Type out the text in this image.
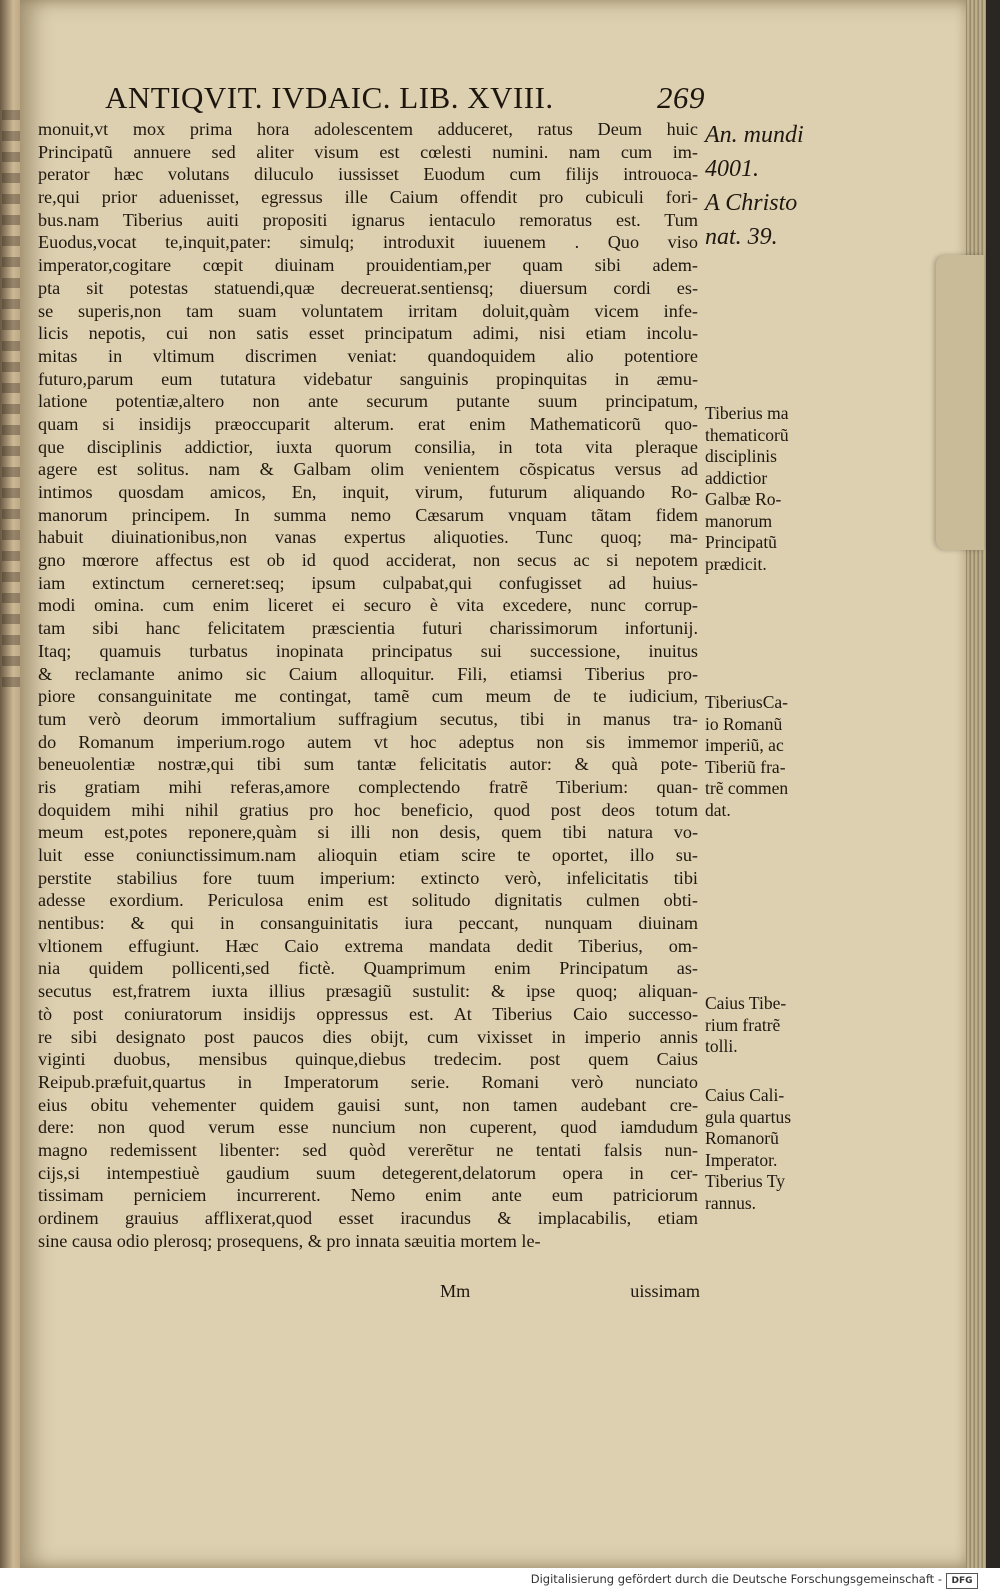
ANTIQVIT. IVDAIC. LIB. XVIII.	269
An. mundi
4001.
A Christo
nat. 39.
monuit,vt mox prima hora adolescentem adduceret, ratus Deum huic
Principatũ annuere sed aliter visum est cœlesti numini. nam cum im-
perator hæc volutans diluculo iussisset Euodum cum filijs introuoca-
re,qui prior aduenisset, egressus ille Caium offendit pro cubiculi fori-
bus.nam Tiberius auiti propositi ignarus ientaculo remoratus est. Tum
Euodus,vocat te,inquit,pater: simulq; introduxit iuuenem . Quo viso
imperator,cogitare cœpit diuinam prouidentiam,per quam sibi adem-
pta sit potestas statuendi,quæ decreuerat.sentiensq; diuersum cordi es-
se superis,non tam suam voluntatem irritam doluit,quàm vicem infe-
licis nepotis, cui non satis esset principatum adimi, nisi etiam incolu-
mitas in vltimum discrimen veniat: quandoquidem alio potentiore
futuro,parum eum tutatura videbatur sanguinis propinquitas in æmu-
latione potentiæ,altero non ante securum putante suum principatum,
quam si insidijs præoccuparit alterum. erat enim Mathematicorũ quo-
que disciplinis addictior, iuxta quorum consilia, in tota vita pleraque
agere est solitus. nam & Galbam olim venientem cõspicatus versus ad
intimos quosdam amicos, En, inquit, virum, futurum aliquando Ro-
manorum principem. In summa nemo Cæsarum vnquam tãtam fidem
habuit diuinationibus,non vanas expertus aliquoties. Tunc quoq; ma-
gno mœrore affectus est ob id quod acciderat, non secus ac si nepotem
iam extinctum cerneret:seq; ipsum culpabat,qui confugisset ad huius-
modi omina. cum enim liceret ei securo è vita excedere, nunc corrup-
tam sibi hanc felicitatem præscientia futuri charissimorum infortunij.
Itaq; quamuis turbatus inopinata principatus sui successione, inuitus
& reclamante animo sic Caium alloquitur. Fili, etiamsi Tiberius pro-
piore consanguinitate me contingat, tamẽ cum meum de te iudicium,
tum verò deorum immortalium suffragium secutus, tibi in manus tra-
do Romanum imperium.rogo autem vt hoc adeptus non sis immemor
beneuolentiæ nostræ,qui tibi sum tantæ felicitatis autor: & quà pote-
ris gratiam mihi referas,amore complectendo fratrẽ Tiberium: quan-
doquidem mihi nihil gratius pro hoc beneficio, quod post deos totum
meum est,potes reponere,quàm si illi non desis, quem tibi natura vo-
luit esse coniunctissimum.nam alioquin etiam scire te oportet, illo su-
perstite stabilius fore tuum imperium: extincto verò, infelicitatis tibi
adesse exordium. Periculosa enim est solitudo dignitatis culmen obti-
nentibus: & qui in consanguinitatis iura peccant, nunquam diuinam
vltionem effugiunt. Hæc Caio extrema mandata dedit Tiberius, om-
nia quidem pollicenti,sed fictè. Quamprimum enim Principatum as-
secutus est,fratrem iuxta illius præsagiũ sustulit: & ipse quoq; aliquan-
tò post coniuratorum insidijs oppressus est. At Tiberius Caio successo-
re sibi designato post paucos dies obijt, cum vixisset in imperio annis
viginti duobus, mensibus quinque,diebus tredecim. post quem Caius
Reipub.præfuit,quartus in Imperatorum serie. Romani verò nunciato
eius obitu vehementer quidem gauisi sunt, non tamen audebant cre-
dere: non quod verum esse nuncium non cuperent, quod iamdudum
magno redemissent libenter: sed quòd vererẽtur ne tentati falsis nun-
cijs,si intempestiuè gaudium suum detegerent,delatorum opera in cer-
tissimam perniciem incurrerent. Nemo enim ante eum patriciorum
ordinem grauius afflixerat,quod esset iracundus & implacabilis, etiam
sine causa odio plerosq; prosequens, & pro innata sæuitia mortem le-
Tiberius ma
thematicorũ
disciplinis
addictior
Galbæ Ro-
manorum
Principatũ
prædicit.
TiberiusCa-
io Romanũ
imperiũ, ac
Tiberiũ fra-
trẽ commen
dat.
Caius Tibe-
rium fratrẽ
tolli.
Caius Cali-
gula quartus
Romanorũ
Imperator.
Tiberius Ty
rannus.
Mm	uissimam
Digitalisierung gefördert durch die Deutsche Forschungsgemeinschaft -	DFG
